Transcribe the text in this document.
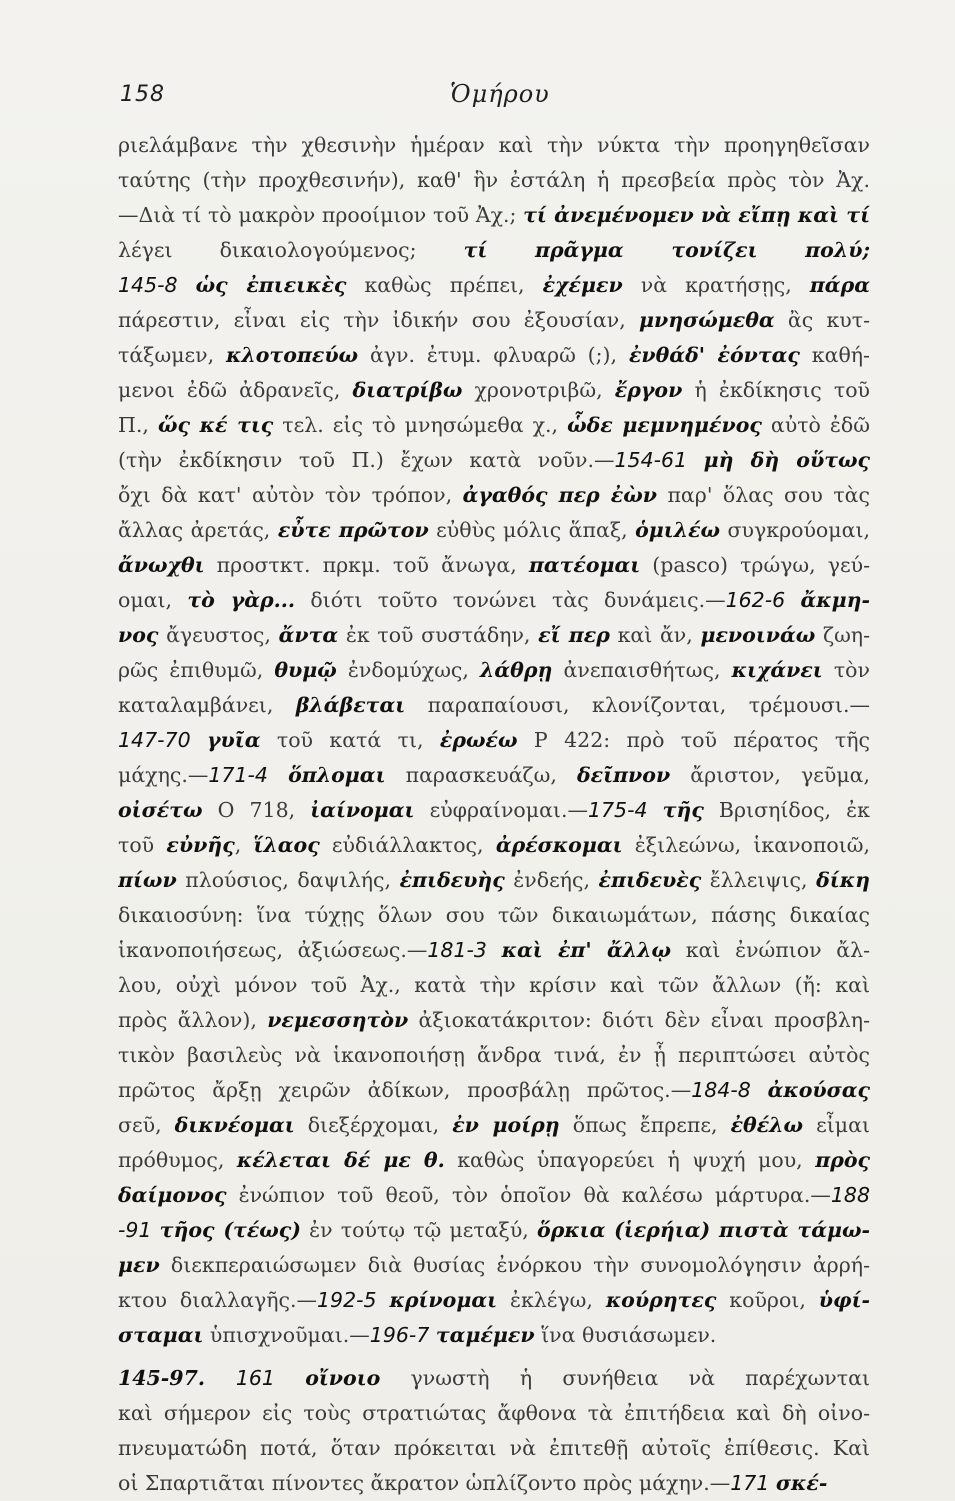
158	Ὁμήρου
ριελάμβανε τὴν χθεσινὴν ἡμέραν καὶ τὴν νύκτα τὴν προηγηθεῖσαν
ταύτης (τὴν προχθεσινήν), καθ' ἣν ἐστάλη ἡ πρεσβεία πρὸς τὸν Ἀχ.
—Διὰ τί τὸ μακρὸν προοίμιον τοῦ Ἀχ.; τί ἀνεμένομεν νὰ εἴπῃ καὶ τί
λέγει δικαιολογούμενος; τί πρᾶγμα τονίζει πολύ;
145-8 ὡς ἐπιεικὲς καθὼς πρέπει, ἐχέμεν νὰ κρατήσῃς, πάρα
πάρεστιν, εἶναι εἰς τὴν ἰδικήν σου ἐξουσίαν, μνησώμεθα ἂς κυτ-
τάξωμεν, κλοτοπεύω ἀγν. ἐτυμ. φλυαρῶ (;), ἐνθάδ' ἐόντας καθή-
μενοι ἐδῶ ἀδρανεῖς, διατρίβω χρονοτριβῶ, ἔργον ἡ ἐκδίκησις τοῦ
Π., ὥς κέ τις τελ. εἰς τὸ μνησώμεθα χ., ὧδε μεμνημένος αὐτὸ ἐδῶ
(τὴν ἐκδίκησιν τοῦ Π.) ἔχων κατὰ νοῦν.—154-61 μὴ δὴ οὕτως
ὄχι δὰ κατ' αὐτὸν τὸν τρόπον, ἀγαθός περ ἐὼν παρ' ὅλας σου τὰς
ἄλλας ἀρετάς, εὖτε πρῶτον εὐθὺς μόλις ἅπαξ, ὁμιλέω συγκρούομαι,
ἄνωχθι προστκτ. πρκμ. τοῦ ἄνωγα, πατέομαι (pasco) τρώγω, γεύ-
ομαι, τὸ γὰρ... διότι τοῦτο τονώνει τὰς δυνάμεις.—162-6 ἄκμη-
νος ἄγευστος, ἄντα ἐκ τοῦ συστάδην, εἴ περ καὶ ἄν, μενοινάω ζωη-
ρῶς ἐπιθυμῶ, θυμῷ ἐνδομύχως, λάθρῃ ἀνεπαισθήτως, κιχάνει τὸν
καταλαμβάνει, βλάβεται παραπαίουσι, κλονίζονται, τρέμουσι.—
147-70 γυῖα τοῦ κατά τι, ἐρωέω Ρ 422: πρὸ τοῦ πέρατος τῆς
μάχης.—171-4 ὅπλομαι παρασκευάζω, δεῖπνον ἄριστον, γεῦμα,
οἰσέτω Ο 718, ἰαίνομαι εὐφραίνομαι.—175-4 τῆς Βρισηίδος, ἐκ
τοῦ εὐνῆς, ἵλαος εὐδιάλλακτος, ἀρέσκομαι ἐξιλεώνω, ἱκανοποιῶ,
πίων πλούσιος, δαψιλής, ἐπιδευὴς ἐνδεής, ἐπιδευὲς ἔλλειψις, δίκη
δικαιοσύνη: ἵνα τύχῃς ὅλων σου τῶν δικαιωμάτων, πάσης δικαίας
ἱκανοποιήσεως, ἀξιώσεως.—181-3 καὶ ἐπ' ἄλλῳ καὶ ἐνώπιον ἄλ-
λου, οὐχὶ μόνον τοῦ Ἀχ., κατὰ τὴν κρίσιν καὶ τῶν ἄλλων (ἤ: καὶ
πρὸς ἄλλον), νεμεσσητὸν ἀξιοκατάκριτον: διότι δὲν εἶναι προσβλη-
τικὸν βασιλεὺς νὰ ἱκανοποιήσῃ ἄνδρα τινά, ἐν ᾗ περιπτώσει αὐτὸς
πρῶτος ἄρξῃ χειρῶν ἀδίκων, προσβάλῃ πρῶτος.—184-8 ἀκούσας
σεῦ, δικνέομαι διεξέρχομαι, ἐν μοίρῃ ὅπως ἔπρεπε, ἐθέλω εἶμαι
πρόθυμος, κέλεται δέ με θ. καθὼς ὑπαγορεύει ἡ ψυχή μου, πρὸς
δαίμονος ἐνώπιον τοῦ θεοῦ, τὸν ὁποῖον θὰ καλέσω μάρτυρα.—188
-91 τῆος (τέως) ἐν τούτῳ τῷ μεταξύ, ὅρκια (ἱερήια) πιστὰ τάμω-
μεν διεκπεραιώσωμεν διὰ θυσίας ἐνόρκου τὴν συνομολόγησιν ἀρρή-
κτου διαλλαγῆς.—192-5 κρίνομαι ἐκλέγω, κούρητες κοῦροι, ὑφί-
σταμαι ὑπισχνοῦμαι.—196-7 ταμέμεν ἵνα θυσιάσωμεν.
145-97. 161 οἴνοιο γνωστὴ ἡ συνήθεια νὰ παρέχωνται
καὶ σήμερον εἰς τοὺς στρατιώτας ἄφθονα τὰ ἐπιτήδεια καὶ δὴ οἰνο-
πνευματώδη ποτά, ὅταν πρόκειται νὰ ἐπιτεθῇ αὐτοῖς ἐπίθεσις. Καὶ
οἱ Σπαρτιᾶται πίνοντες ἄκρατον ὡπλίζοντο πρὸς μάχην.—171 σκέ-
